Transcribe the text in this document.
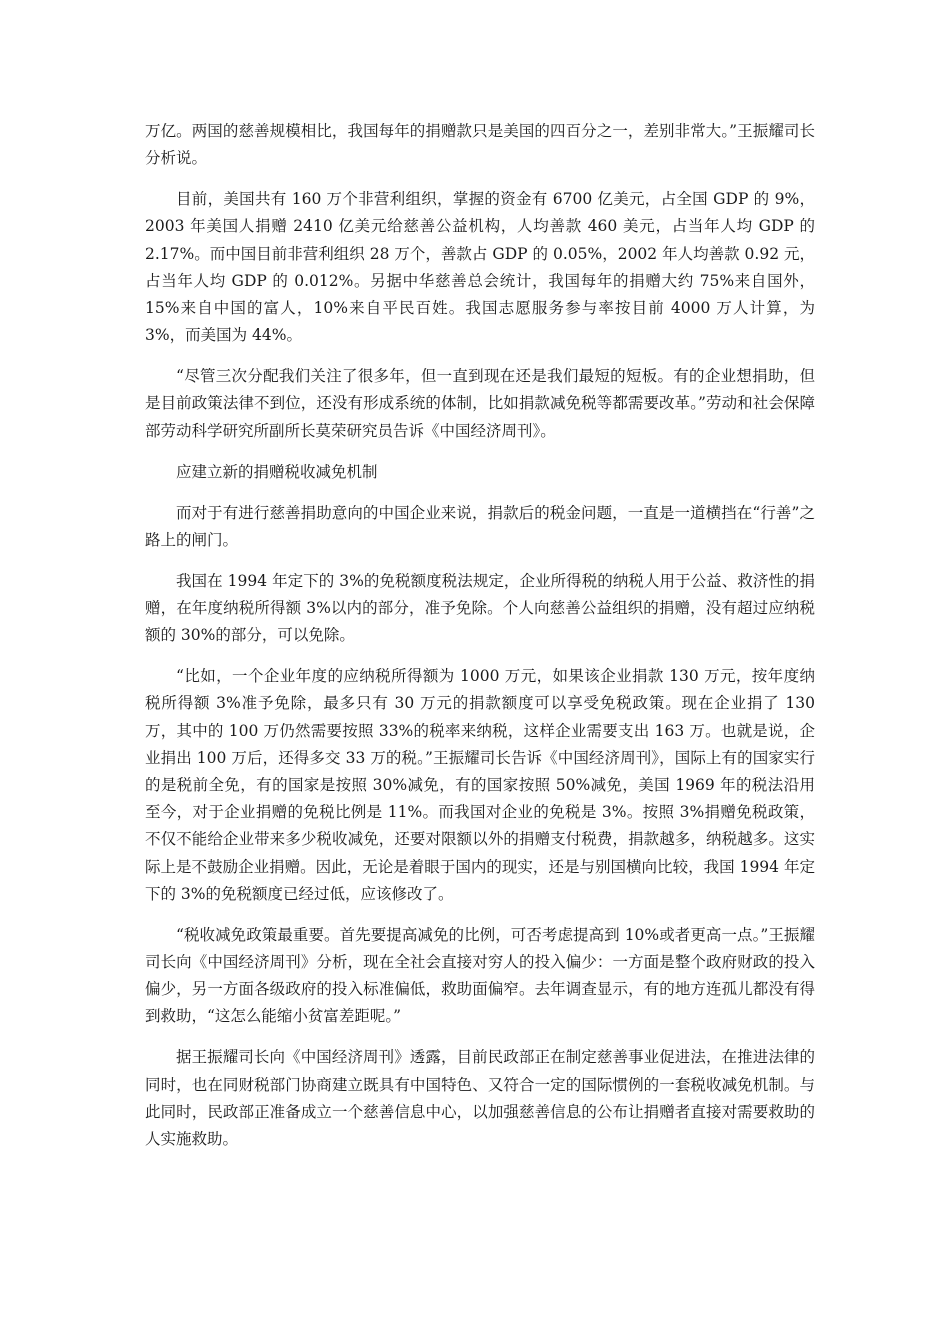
万亿。两国的慈善规模相比，我国每年的捐赠款只是美国的四百分之一，差别非常大。”王振耀司长分析说。

目前，美国共有 160 万个非营利组织，掌握的资金有 6700 亿美元，占全国 GDP 的 9%，2003 年美国人捐赠 2410 亿美元给慈善公益机构，人均善款 460 美元，占当年人均 GDP 的 2.17%。而中国目前非营利组织 28 万个，善款占 GDP 的 0.05%，2002 年人均善款 0.92 元，占当年人均 GDP 的 0.012%。另据中华慈善总会统计，我国每年的捐赠大约 75%来自国外，15%来自中国的富人，10%来自平民百姓。我国志愿服务参与率按目前 4000 万人计算，为 3%，而美国为 44%。

“尽管三次分配我们关注了很多年，但一直到现在还是我们最短的短板。有的企业想捐助，但是目前政策法律不到位，还没有形成系统的体制，比如捐款减免税等都需要改革。”劳动和社会保障部劳动科学研究所副所长莫荣研究员告诉《中国经济周刊》。

应建立新的捐赠税收减免机制

而对于有进行慈善捐助意向的中国企业来说，捐款后的税金问题，一直是一道横挡在“行善”之路上的闸门。

我国在 1994 年定下的 3%的免税额度税法规定，企业所得税的纳税人用于公益、救济性的捐赠，在年度纳税所得额 3%以内的部分，准予免除。个人向慈善公益组织的捐赠，没有超过应纳税额的 30%的部分，可以免除。

“比如，一个企业年度的应纳税所得额为 1000 万元，如果该企业捐款 130 万元，按年度纳税所得额 3%准予免除，最多只有 30 万元的捐款额度可以享受免税政策。现在企业捐了 130 万，其中的 100 万仍然需要按照 33%的税率来纳税，这样企业需要支出 163 万。也就是说，企业捐出 100 万后，还得多交 33 万的税。”王振耀司长告诉《中国经济周刊》，国际上有的国家实行的是税前全免，有的国家是按照 30%减免，有的国家按照 50%减免，美国 1969 年的税法沿用至今，对于企业捐赠的免税比例是 11%。而我国对企业的免税是 3%。按照 3%捐赠免税政策，不仅不能给企业带来多少税收减免，还要对限额以外的捐赠支付税费，捐款越多，纳税越多。这实际上是不鼓励企业捐赠。因此，无论是着眼于国内的现实，还是与别国横向比较，我国 1994 年定下的 3%的免税额度已经过低，应该修改了。

“税收减免政策最重要。首先要提高减免的比例，可否考虑提高到 10%或者更高一点。”王振耀司长向《中国经济周刊》分析，现在全社会直接对穷人的投入偏少：一方面是整个政府财政的投入偏少，另一方面各级政府的投入标准偏低，救助面偏窄。去年调查显示，有的地方连孤儿都没有得到救助，“这怎么能缩小贫富差距呢。”

据王振耀司长向《中国经济周刊》透露，目前民政部正在制定慈善事业促进法，在推进法律的同时，也在同财税部门协商建立既具有中国特色、又符合一定的国际惯例的一套税收减免机制。与此同时，民政部正准备成立一个慈善信息中心，以加强慈善信息的公布让捐赠者直接对需要救助的人实施救助。
